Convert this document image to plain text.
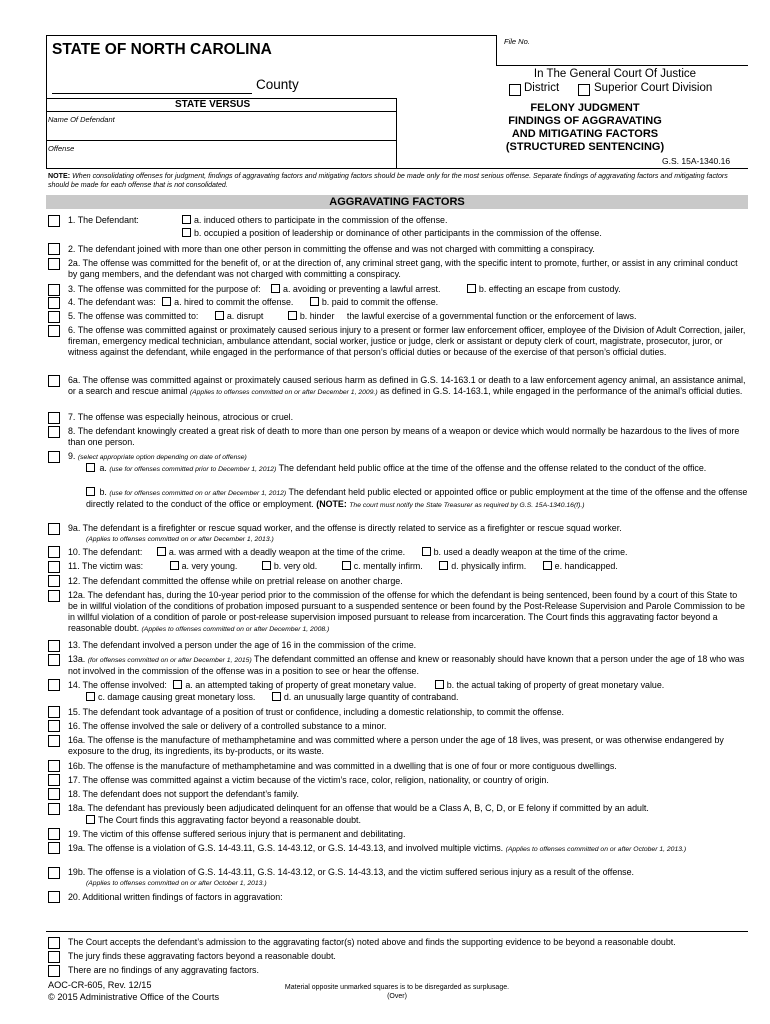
STATE OF NORTH CAROLINA	File No.
County
In The General Court Of Justice
District	Superior Court Division
STATE VERSUS
Name Of Defendant
Offense
FELONY JUDGMENT
FINDINGS OF AGGRAVATING
AND MITIGATING FACTORS
(STRUCTURED SENTENCING)
G.S. 15A-1340.16
NOTE: When consolidating offenses for judgment, findings of aggravating factors and mitigating factors should be made only for the most serious offense. Separate findings of aggravating factors and mitigating factors should be made for each offense that is not consolidated.
AGGRAVATING FACTORS
1. The Defendant:	a. induced others to participate in the commission of the offense.
b. occupied a position of leadership or dominance of other participants in the commission of the offense.
2. The defendant joined with more than one other person in committing the offense and was not charged with committing a conspiracy.
2a. The offense was committed for the benefit of, or at the direction of, any criminal street gang, with the specific intent to promote, further, or assist in any criminal conduct by gang members, and the defendant was not charged with committing a conspiracy.
3. The offense was committed for the purpose of:	a. avoiding or preventing a lawful arrest.	b. effecting an escape from custody.
4. The defendant was: a. hired to commit the offense.	b. paid to commit the offense.
5. The offense was committed to:	a. disrupt	b. hinder the lawful exercise of a governmental function or the enforcement of laws.
6. The offense was committed against or proximately caused serious injury to a present or former law enforcement officer, employee of the Division of Adult Correction, jailer, fireman, emergency medical technician, ambulance attendant, social worker, justice or judge, clerk or assistant or deputy clerk of court, magistrate, prosecutor, juror, or witness against the defendant, while engaged in the performance of that person’s official duties or because of the exercise of that person’s official duties.
6a. The offense was committed against or proximately caused serious harm as defined in G.S. 14-163.1 or death to a law enforcement agency animal, an assistance animal, or a search and rescue animal (Applies to offenses committed on or after December 1, 2009.) as defined in G.S. 14-163.1, while engaged in the performance of the animal’s official duties.
7. The offense was especially heinous, atrocious or cruel.
8. The defendant knowingly created a great risk of death to more than one person by means of a weapon or device which would normally be hazardous to the lives of more than one person.
9. (select appropriate option depending on date of offense)
a. (use for offenses committed prior to December 1, 2012) The defendant held public office at the time of the offense and the offense related to the conduct of the office.
b. (use for offenses committed on or after December 1, 2012) The defendant held public elected or appointed office or public employment at the time of the offense and the offense directly related to the conduct of the office or employment. (NOTE: The court must notify the State Treasurer as required by G.S. 15A-1340.16(f).)
9a. The defendant is a firefighter or rescue squad worker, and the offense is directly related to service as a firefighter or rescue squad worker.
(Applies to offenses committed on or after December 1, 2013.)
10. The defendant:	a. was armed with a deadly weapon at the time of the crime.	b. used a deadly weapon at the time of the crime.
11. The victim was:	a. very young.	b. very old.	c. mentally infirm.	d. physically infirm.	e. handicapped.
12. The defendant committed the offense while on pretrial release on another charge.
12a. The defendant has, during the 10-year period prior to the commission of the offense for which the defendant is being sentenced, been found by a court of this State to be in willful violation of the conditions of probation imposed pursuant to a suspended sentence or been found by the Post-Release Supervision and Parole Commission to be in willful violation of a condition of parole or post-release supervision imposed pursuant to release from incarceration. The Court finds this aggravating factor beyond a reasonable doubt. (Applies to offenses committed on or after December 1, 2008.)
13. The defendant involved a person under the age of 16 in the commission of the crime.
13a. (for offenses committed on or after December 1, 2015) The defendant committed an offense and knew or reasonably should have known that a person under the age of 18 who was not involved in the commission of the offense was in a position to see or hear the offense.
14. The offense involved: a. an attempted taking of property of great monetary value.	b. the actual taking of property of great monetary value.
c. damage causing great monetary loss.	d. an unusually large quantity of contraband.
15. The defendant took advantage of a position of trust or confidence, including a domestic relationship, to commit the offense.
16. The offense involved the sale or delivery of a controlled substance to a minor.
16a. The offense is the manufacture of methamphetamine and was committed where a person under the age of 18 lives, was present, or was otherwise endangered by exposure to the drug, its ingredients, its by-products, or its waste.
16b. The offense is the manufacture of methamphetamine and was committed in a dwelling that is one of four or more contiguous dwellings.
17. The offense was committed against a victim because of the victim’s race, color, religion, nationality, or country of origin.
18. The defendant does not support the defendant’s family.
18a. The defendant has previously been adjudicated delinquent for an offense that would be a Class A, B, C, D, or E felony if committed by an adult.
The Court finds this aggravating factor beyond a reasonable doubt.
19. The victim of this offense suffered serious injury that is permanent and debilitating.
19a. The offense is a violation of G.S. 14-43.11, G.S. 14-43.12, or G.S. 14-43.13, and involved multiple victims. (Applies to offenses committed on or after October 1, 2013.)
19b. The offense is a violation of G.S. 14-43.11, G.S. 14-43.12, or G.S. 14-43.13, and the victim suffered serious injury as a result of the offense.
(Applies to offenses committed on or after October 1, 2013.)
20. Additional written findings of factors in aggravation:
The Court accepts the defendant’s admission to the aggravating factor(s) noted above and finds the supporting evidence to be beyond a reasonable doubt.
The jury finds these aggravating factors beyond a reasonable doubt.
There are no findings of any aggravating factors.
AOC-CR-605, Rev. 12/15
© 2015 Administrative Office of the Courts
Material opposite unmarked squares is to be disregarded as surplusage.
(Over)
